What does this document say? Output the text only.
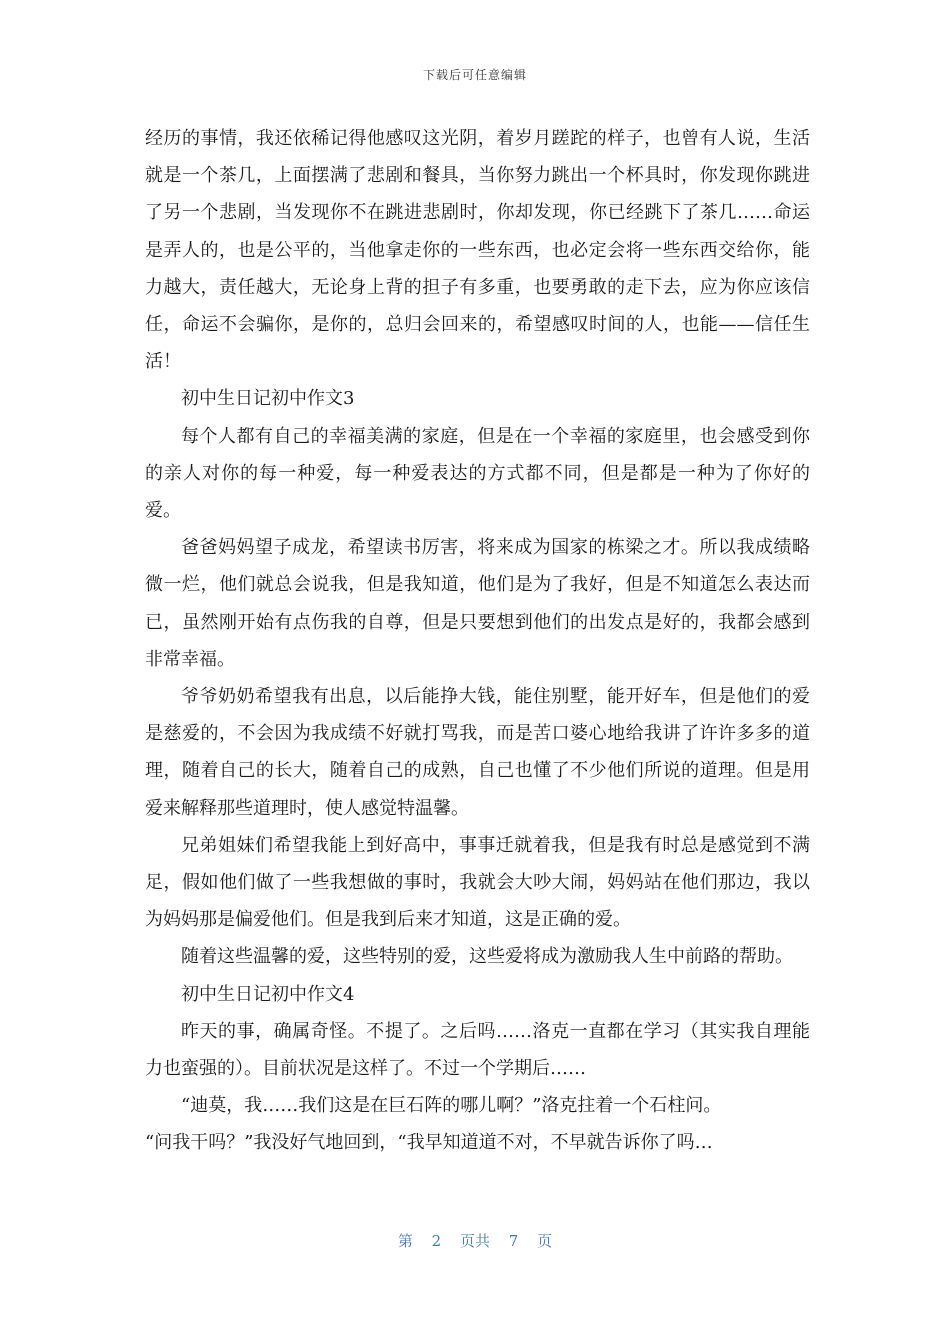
下载后可任意编辑

经历的事情，我还依稀记得他感叹这光阴，着岁月蹉跎的样子，也曾有人说，生活就是一个茶几，上面摆满了悲剧和餐具，当你努力跳出一个杯具时，你发现你跳进了另一个悲剧，当发现你不在跳进悲剧时，你却发现，你已经跳下了茶几……命运是弄人的，也是公平的，当他拿走你的一些东西，也必定会将一些东西交给你，能力越大，责任越大，无论身上背的担子有多重，也要勇敢的走下去，应为你应该信任，命运不会骗你，是你的，总归会回来的，希望感叹时间的人，也能——信任生活！

初中生日记初中作文3

每个人都有自己的幸福美满的家庭，但是在一个幸福的家庭里，也会感受到你的亲人对你的每一种爱，每一种爱表达的方式都不同，但是都是一种为了你好的爱。

爸爸妈妈望子成龙，希望读书厉害，将来成为国家的栋梁之才。所以我成绩略微一烂，他们就总会说我，但是我知道，他们是为了我好，但是不知道怎么表达而已，虽然刚开始有点伤我的自尊，但是只要想到他们的出发点是好的，我都会感到非常幸福。

爷爷奶奶希望我有出息，以后能挣大钱，能住别墅，能开好车，但是他们的爱是慈爱的，不会因为我成绩不好就打骂我，而是苦口婆心地给我讲了许许多多的道理，随着自己的长大，随着自己的成熟，自己也懂了不少他们所说的道理。但是用爱来解释那些道理时，使人感觉特温馨。

兄弟姐妹们希望我能上到好高中，事事迁就着我，但是我有时总是感觉到不满足，假如他们做了一些我想做的事时，我就会大吵大闹，妈妈站在他们那边，我以为妈妈那是偏爱他们。但是我到后来才知道，这是正确的爱。

随着这些温馨的爱，这些特别的爱，这些爱将成为激励我人生中前路的帮助。

初中生日记初中作文4

昨天的事，确属奇怪。不提了。之后吗……洛克一直都在学习（其实我自理能力也蛮强的）。目前状况是这样了。不过一个学期后……

“迪莫，我……我们这是在巨石阵的哪儿啊？”洛克拄着一个石柱问。

“问我干吗？”我没好气地回到，“我早知道道不对，不早就告诉你了吗…

第 2 页共 7 页
